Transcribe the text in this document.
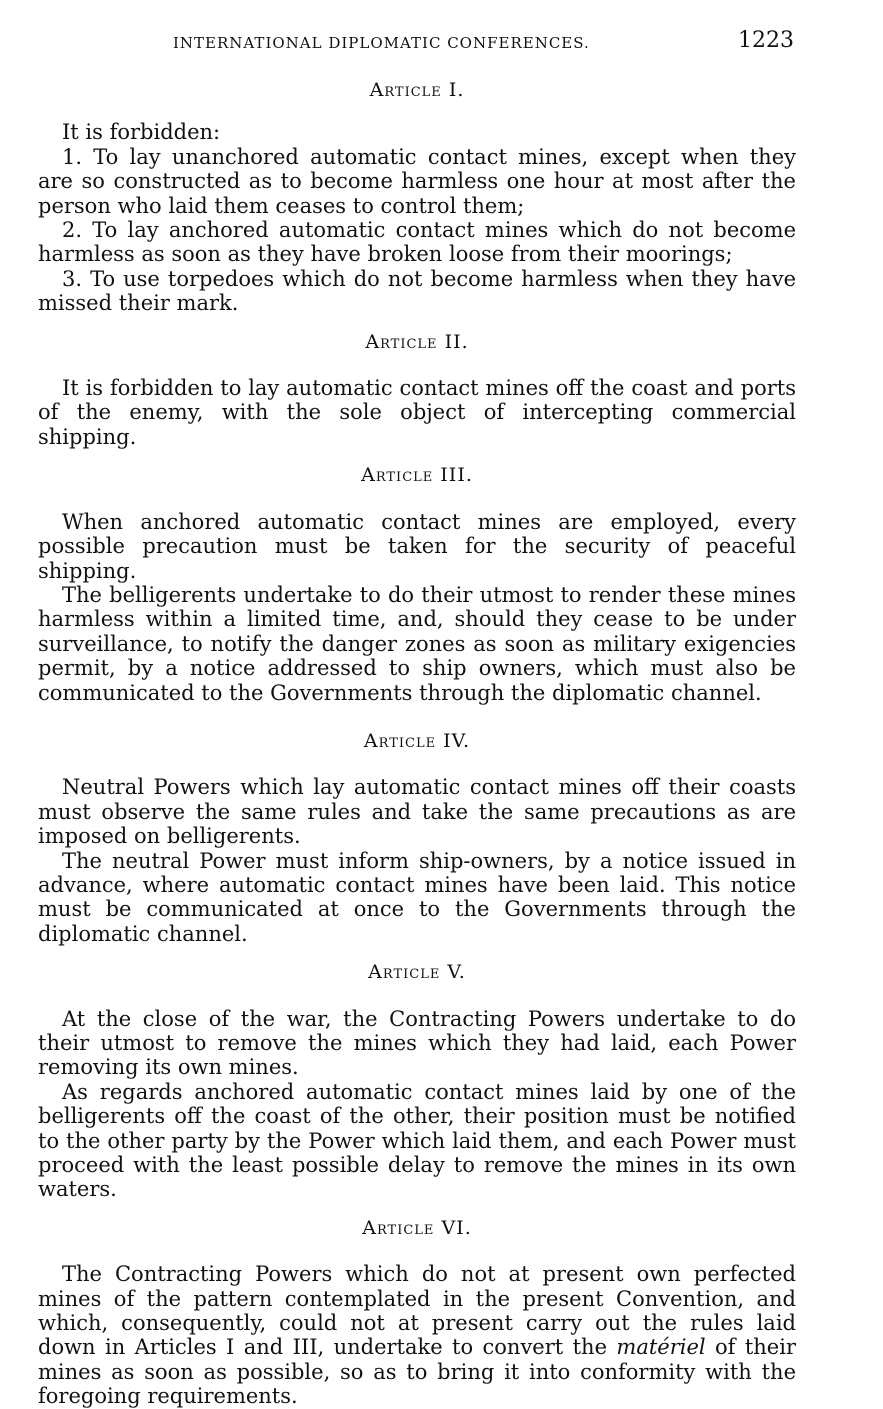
INTERNATIONAL DIPLOMATIC CONFERENCES.	1223
Article I.

It is forbidden:

1. To lay unanchored automatic contact mines, except when they are so constructed as to become harmless one hour at most after the person who laid them ceases to control them;

2. To lay anchored automatic contact mines which do not become harmless as soon as they have broken loose from their moorings;

3. To use torpedoes which do not become harmless when they have missed their mark.

Article II.

It is forbidden to lay automatic contact mines off the coast and ports of the enemy, with the sole object of intercepting commercial shipping.

Article III.

When anchored automatic contact mines are employed, every possible precaution must be taken for the security of peaceful shipping.

The belligerents undertake to do their utmost to render these mines harmless within a limited time, and, should they cease to be under surveillance, to notify the danger zones as soon as military exigencies permit, by a notice addressed to ship owners, which must also be communicated to the Governments through the diplomatic channel.

Article IV.

Neutral Powers which lay automatic contact mines off their coasts must observe the same rules and take the same precautions as are imposed on belligerents.

The neutral Power must inform ship-owners, by a notice issued in advance, where automatic contact mines have been laid. This notice must be communicated at once to the Governments through the diplomatic channel.

Article V.

At the close of the war, the Contracting Powers undertake to do their utmost to remove the mines which they had laid, each Power removing its own mines.

As regards anchored automatic contact mines laid by one of the belligerents off the coast of the other, their position must be notified to the other party by the Power which laid them, and each Power must proceed with the least possible delay to remove the mines in its own waters.

Article VI.

The Contracting Powers which do not at present own perfected mines of the pattern contemplated in the present Convention, and which, consequently, could not at present carry out the rules laid down in Articles I and III, undertake to convert the matériel of their mines as soon as possible, so as to bring it into conformity with the foregoing requirements.
